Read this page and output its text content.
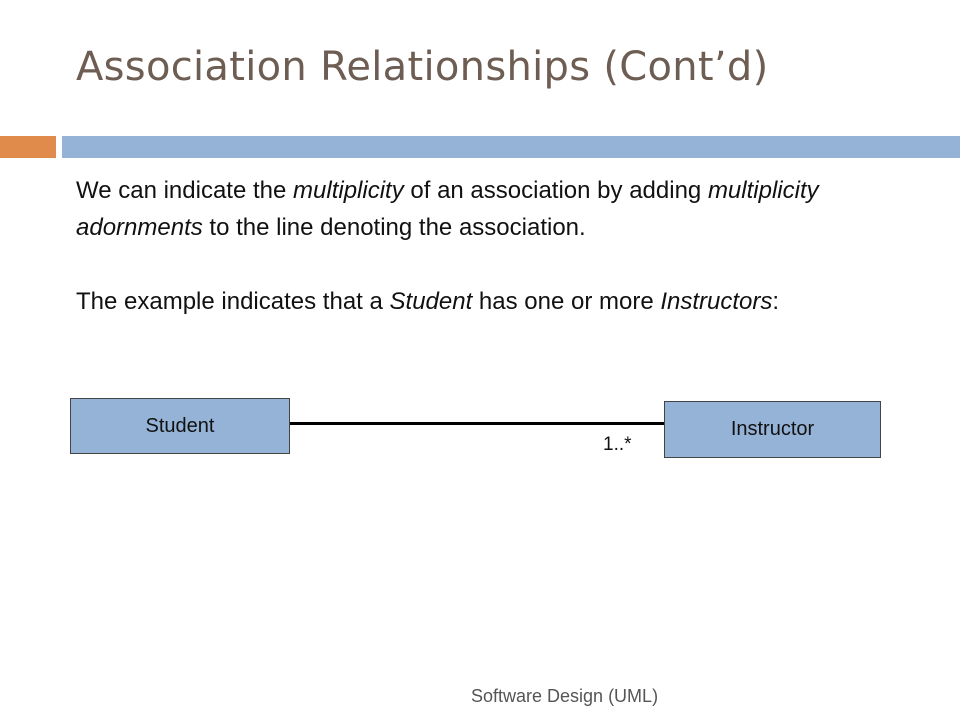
Association Relationships (Cont’d)

We can indicate the multiplicity of an association by adding multiplicity adornments to the line denoting the association.

The example indicates that a Student has one or more Instructors:

Student	Instructor
1..*
Software Design (UML)
